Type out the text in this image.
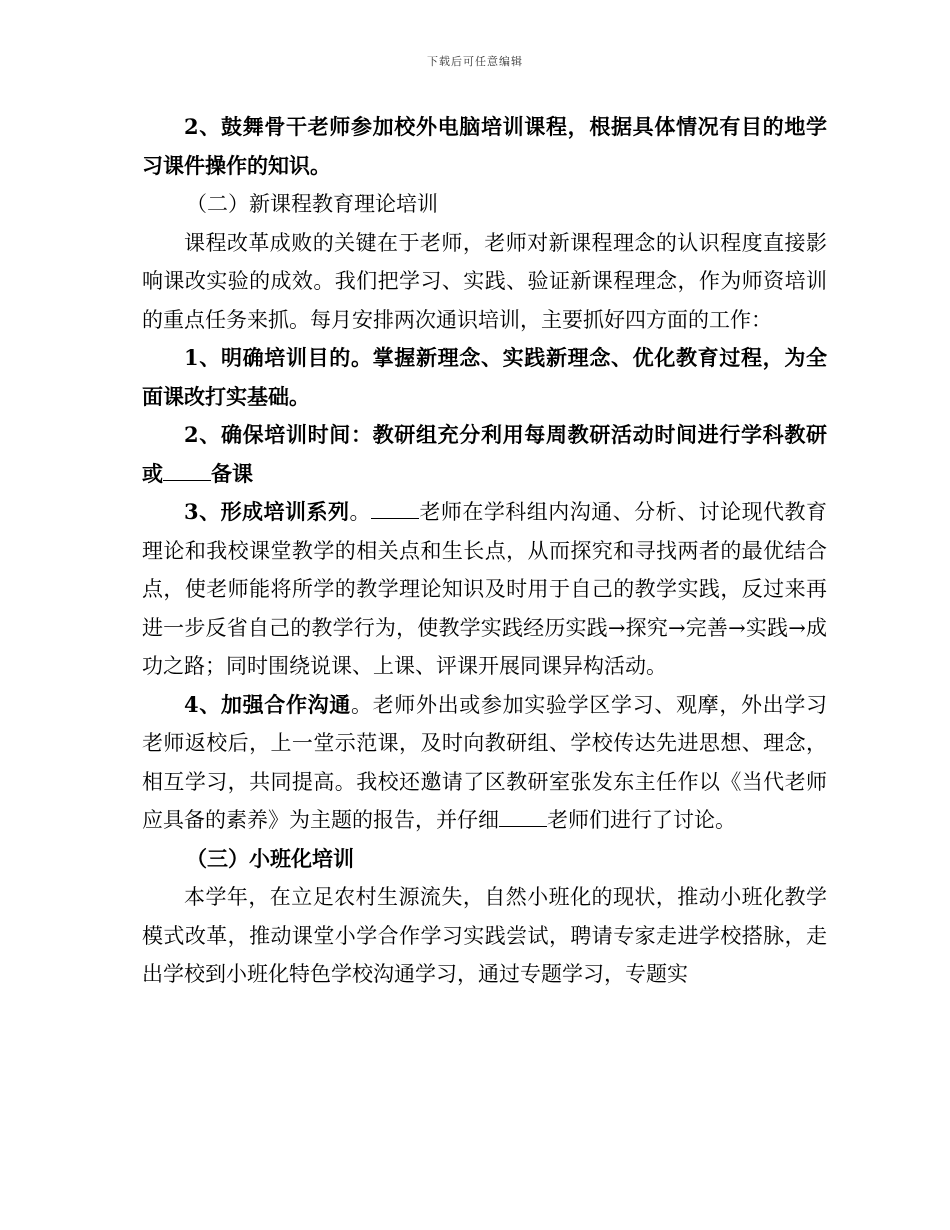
下载后可任意编辑

2、鼓舞骨干老师参加校外电脑培训课程，根据具体情况有目的地学习课件操作的知识。

（二）新课程教育理论培训

课程改革成败的关键在于老师，老师对新课程理念的认识程度直接影响课改实验的成效。我们把学习、实践、验证新课程理念，作为师资培训的重点任务来抓。每月安排两次通识培训，主要抓好四方面的工作：

1、明确培训目的。掌握新理念、实践新理念、优化教育过程，为全面课改打实基础。

2、确保培训时间：教研组充分利用每周教研活动时间进行学科教研或 备课

3、形成培训系列。 老师在学科组内沟通、分析、讨论现代教育理论和我校课堂教学的相关点和生长点，从而探究和寻找两者的最优结合点，使老师能将所学的教学理论知识及时用于自己的教学实践，反过来再进一步反省自己的教学行为，使教学实践经历实践→探究→完善→实践→成功之路；同时围绕说课、上课、评课开展同课异构活动。

4、加强合作沟通。老师外出或参加实验学区学习、观摩，外出学习老师返校后，上一堂示范课，及时向教研组、学校传达先进思想、理念，相互学习，共同提高。我校还邀请了区教研室张发东主任作以《当代老师应具备的素养》为主题的报告，并仔细 老师们进行了讨论。

（三）小班化培训

本学年，在立足农村生源流失，自然小班化的现状，推动小班化教学模式改革，推动课堂小学合作学习实践尝试，聘请专家走进学校搭脉，走出学校到小班化特色学校沟通学习，通过专题学习，专题实
